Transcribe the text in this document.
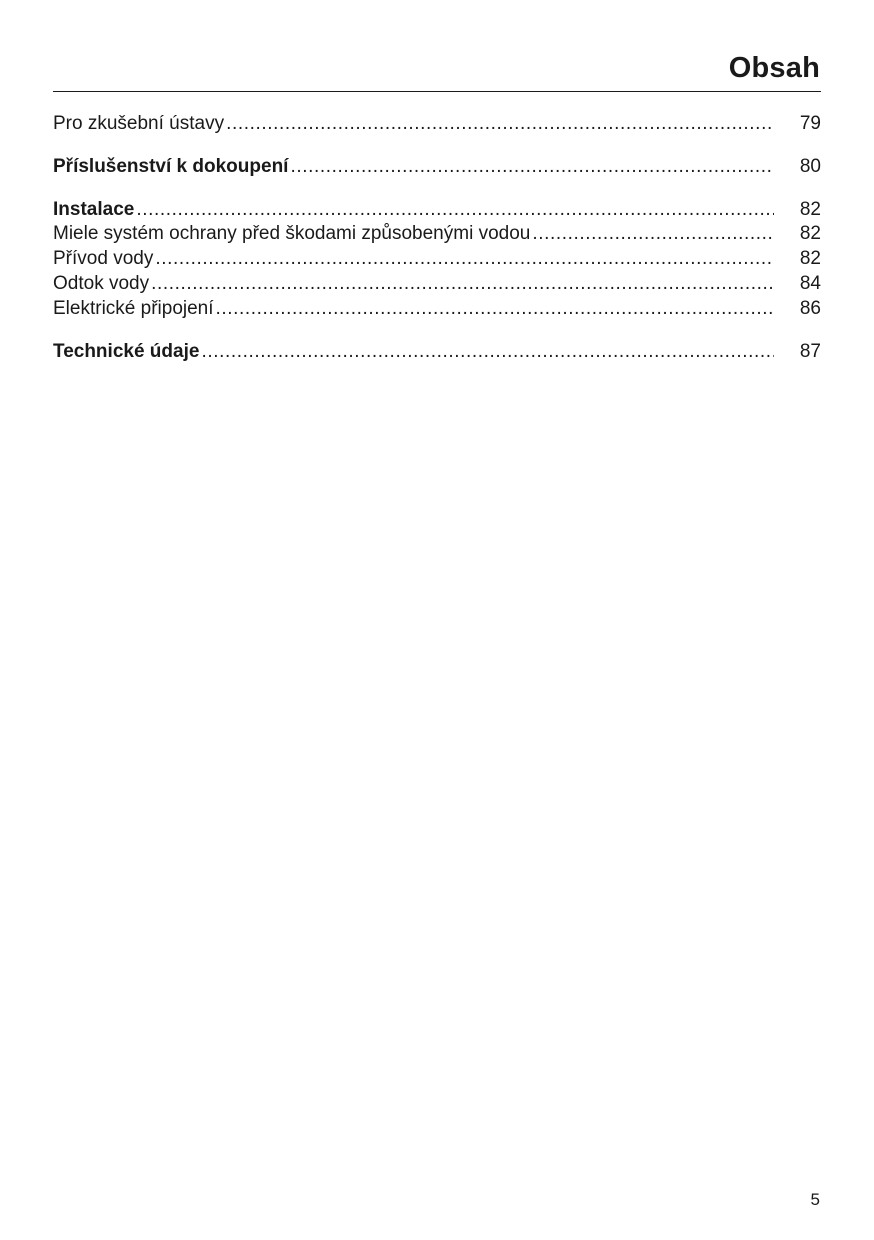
Obsah
Pro zkušební ústavy .....	79
Příslušenství k dokoupení .....	80
Instalace .....	82
Miele systém ochrany před škodami způsobenými vodou .....	82
Přívod vody .....	82
Odtok vody .....	84
Elektrické připojení .....	86
Technické údaje .....	87
5
